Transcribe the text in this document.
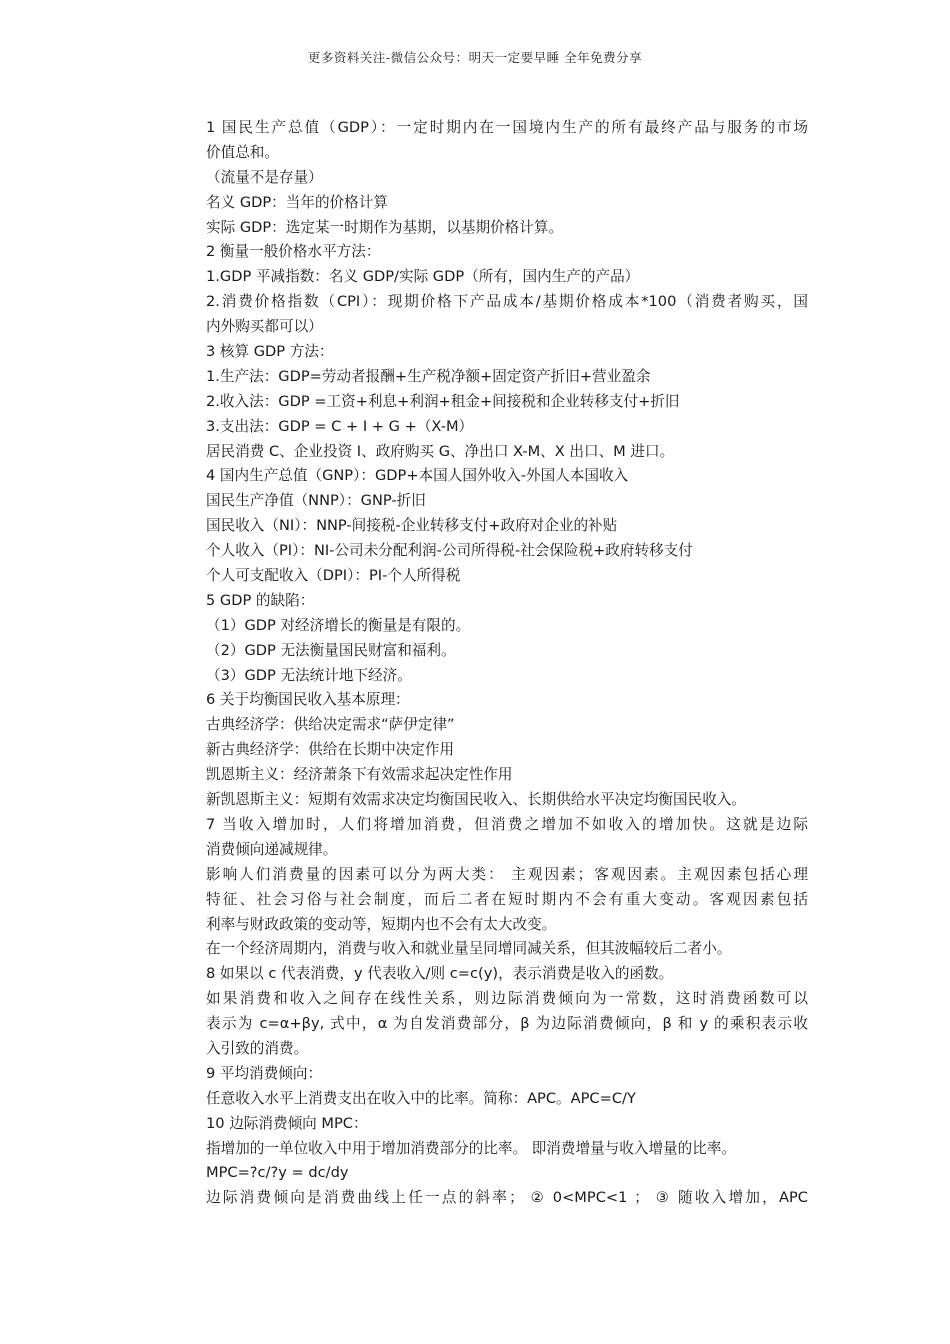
更多资料关注-微信公众号：明天一定要早睡 全年免费分享
1 国民生产总值（GDP）：一定时期内在一国境内生产的所有最终产品与服务的市场
价值总和。
（流量不是存量）
名义 GDP：当年的价格计算
实际 GDP：选定某一时期作为基期，以基期价格计算。
2 衡量一般价格水平方法：
1.GDP 平减指数：名义 GDP/实际 GDP（所有，国内生产的产品）
2.消费价格指数（CPI）：现期价格下产品成本/基期价格成本*100（消费者购买，国
内外购买都可以）
3 核算 GDP 方法：
1.生产法：GDP=劳动者报酬+生产税净额+固定资产折旧+营业盈余
2.收入法：GDP =工资+利息+利润+租金+间接税和企业转移支付+折旧
3.支出法：GDP = C + I + G +（X-M）
居民消费 C、企业投资 I、政府购买 G、净出口 X-M、X 出口、M 进口。
4 国内生产总值（GNP）：GDP+本国人国外收入-外国人本国收入
国民生产净值（NNP）：GNP-折旧
国民收入（NI）：NNP-间接税-企业转移支付+政府对企业的补贴
个人收入（PI）：NI-公司未分配利润-公司所得税-社会保险税+政府转移支付
个人可支配收入（DPI）：PI-个人所得税
5 GDP 的缺陷：
（1）GDP 对经济增长的衡量是有限的。
（2）GDP 无法衡量国民财富和福利。
（3）GDP 无法统计地下经济。
6 关于均衡国民收入基本原理：
古典经济学：供给决定需求“萨伊定律”
新古典经济学：供给在长期中决定作用
凯恩斯主义：经济萧条下有效需求起决定性作用
新凯恩斯主义：短期有效需求决定均衡国民收入、长期供给水平决定均衡国民收入。
7 当收入增加时，人们将增加消费，但消费之增加不如收入的增加快。这就是边际
消费倾向递减规律。
影响人们消费量的因素可以分为两大类： 主观因素；客观因素。主观因素包括心理
特征、社会习俗与社会制度，而后二者在短时期内不会有重大变动。客观因素包括
利率与财政政策的变动等，短期内也不会有太大改变。
在一个经济周期内，消费与收入和就业量呈同增同减关系，但其波幅较后二者小。
8 如果以 c 代表消费，y 代表收入/则 c=c(y)，表示消费是收入的函数。
如果消费和收入之间存在线性关系，则边际消费倾向为一常数，这时消费函数可以
表示为 c=α+βy, 式中，α 为自发消费部分，β 为边际消费倾向，β 和 y 的乘积表示收
入引致的消费。
9 平均消费倾向：
任意收入水平上消费支出在收入中的比率。简称：APC。APC=C/Y
10 边际消费倾向 MPC：
指增加的一单位收入中用于增加消费部分的比率。 即消费增量与收入增量的比率。
MPC=?c/?y = dc/dy
边际消费倾向是消费曲线上任一点的斜率； ② 0<MPC<1 ； ③ 随收入增加，APC
